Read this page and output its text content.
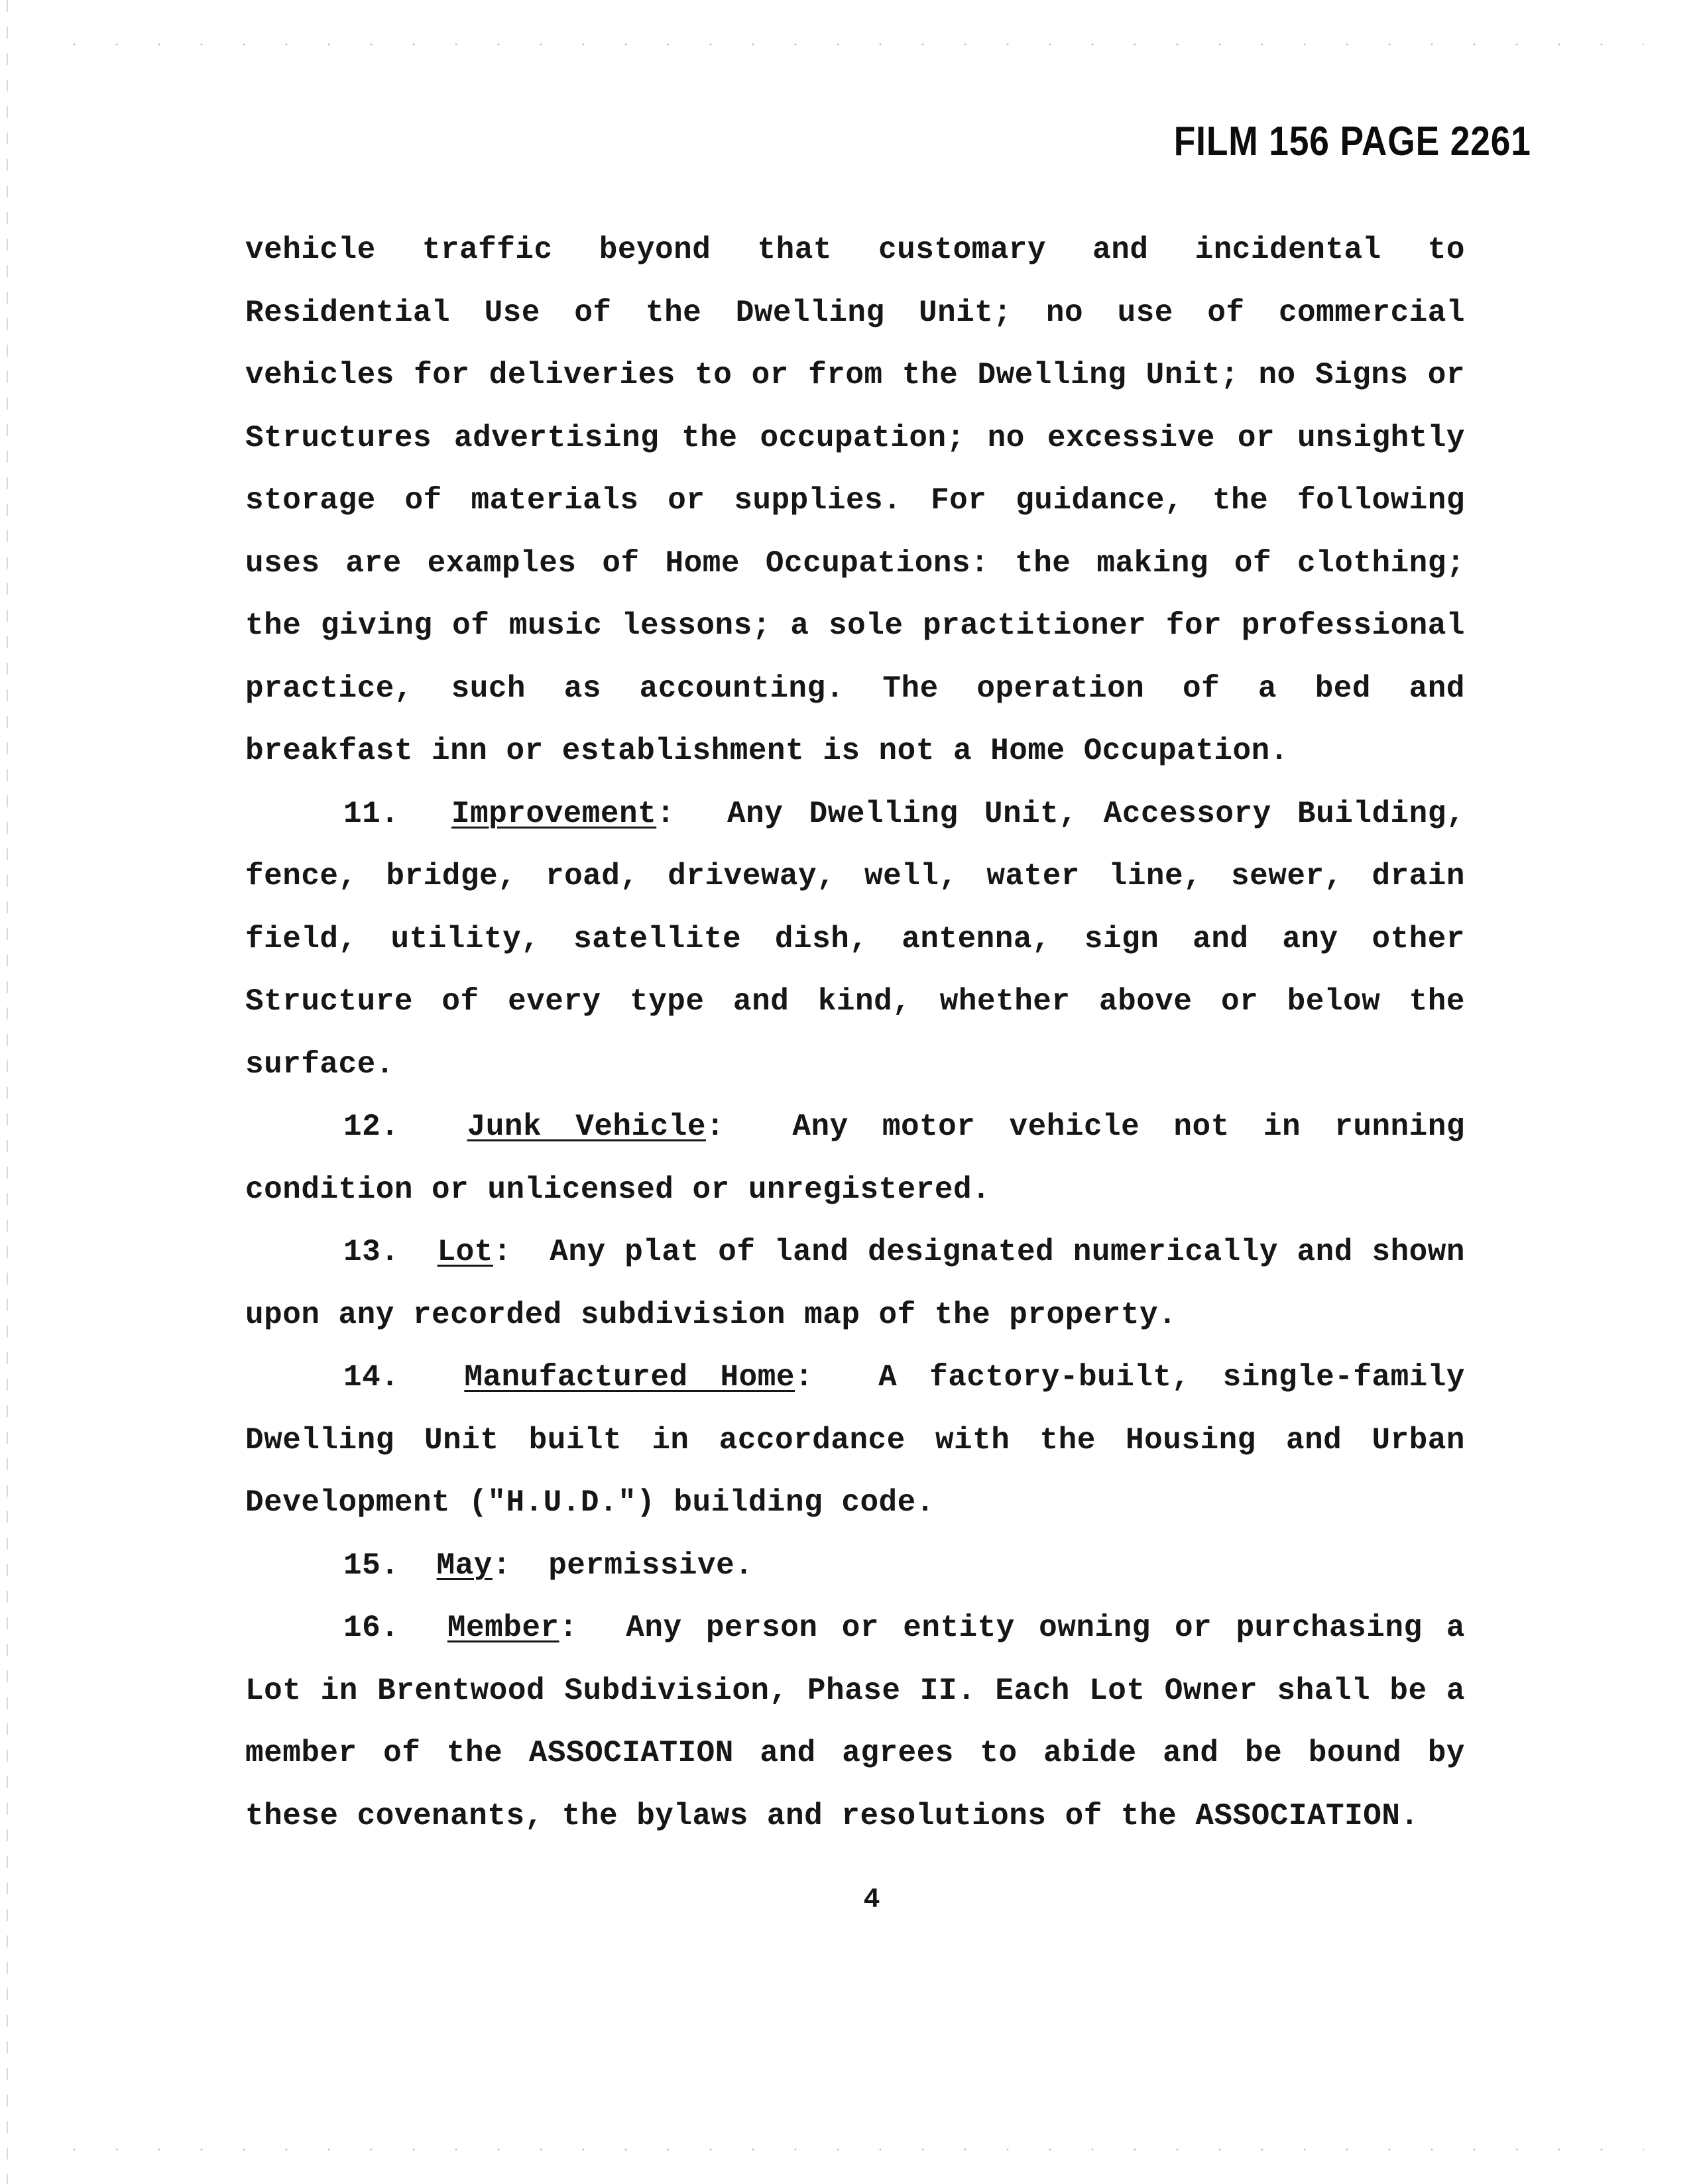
FILM 156 PAGE 2261

vehicle traffic beyond that customary and incidental to Residential Use of the Dwelling Unit; no use of commercial vehicles for deliveries to or from the Dwelling Unit; no Signs or Structures advertising the occupation; no excessive or unsightly storage of materials or supplies. For guidance, the following uses are examples of Home Occupations: the making of clothing; the giving of music lessons; a sole practitioner for professional practice, such as accounting. The operation of a bed and breakfast inn or establishment is not a Home Occupation.

11. Improvement:  Any Dwelling Unit, Accessory Building, fence, bridge, road, driveway, well, water line, sewer, drain field, utility, satellite dish, antenna, sign and any other Structure of every type and kind, whether above or below the surface.

12. Junk Vehicle:  Any motor vehicle not in running condition or unlicensed or unregistered.

13. Lot:  Any plat of land designated numerically and shown upon any recorded subdivision map of the property.

14. Manufactured Home:  A factory-built, single-family Dwelling Unit built in accordance with the Housing and Urban Development ("H.U.D.") building code.

15. May:  permissive.

16. Member:  Any person or entity owning or purchasing a Lot in Brentwood Subdivision, Phase II. Each Lot Owner shall be a member of the ASSOCIATION and agrees to abide and be bound by these covenants, the bylaws and resolutions of the ASSOCIATION.

4
